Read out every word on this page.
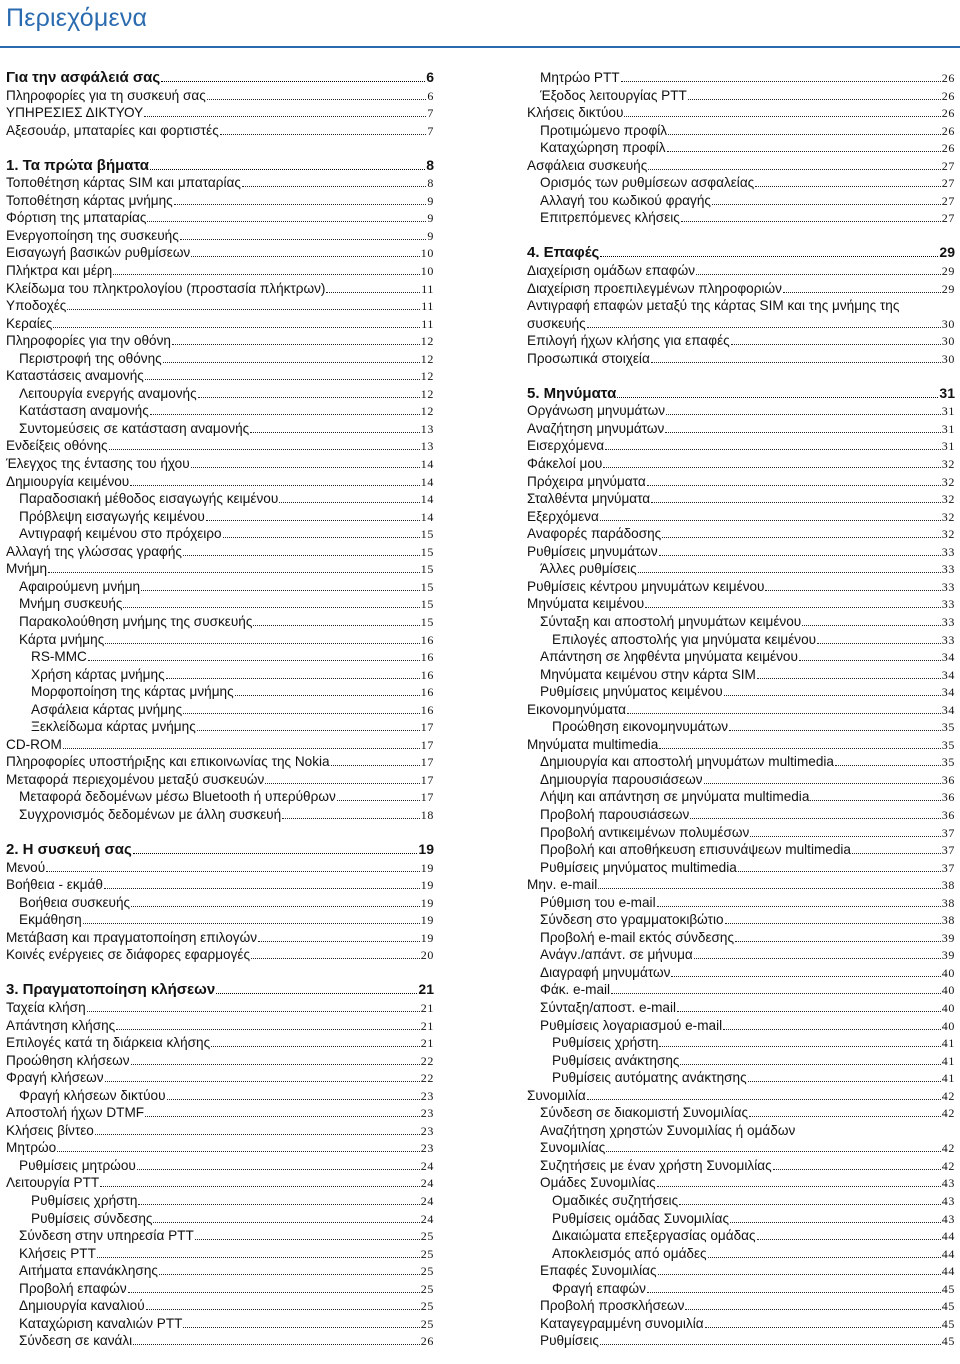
Περιεχόμενα
Για την ασφάλειά σας	6
Πληροφορίες για τη συσκευή σας	6
ΥΠΗΡΕΣΙΕΣ ΔΙΚΤΥΟΥ	7
Αξεσουάρ, μπαταρίες και φορτιστές	7
1. Τα πρώτα βήματα	8
Τοποθέτηση κάρτας SIM και μπαταρίας	8
Τοποθέτηση κάρτας μνήμης	9
Φόρτιση της μπαταρίας	9
Ενεργοποίηση της συσκευής	9
Εισαγωγή βασικών ρυθμίσεων	10
Πλήκτρα και μέρη	10
Κλείδωμα του πληκτρολογίου (προστασία πλήκτρων)	11
Υποδοχές	11
Κεραίες	11
Πληροφορίες για την οθόνη	12
Περιστροφή της οθόνης	12
Καταστάσεις αναμονής	12
Λειτουργία ενεργής αναμονής	12
Κατάσταση αναμονής	12
Συντομεύσεις σε κατάσταση αναμονής	13
Ενδείξεις οθόνης	13
Έλεγχος της έντασης του ήχου	14
Δημιουργία κειμένου	14
Παραδοσιακή μέθοδος εισαγωγής κειμένου	14
Πρόβλεψη εισαγωγής κειμένου	14
Αντιγραφή κειμένου στο πρόχειρο	15
Αλλαγή της γλώσσας γραφής	15
Μνήμη	15
Αφαιρούμενη μνήμη	15
Μνήμη συσκευής	15
Παρακολούθηση μνήμης της συσκευής	15
Κάρτα μνήμης	16
RS-MMC	16
Χρήση κάρτας μνήμης	16
Μορφοποίηση της κάρτας μνήμης	16
Ασφάλεια κάρτας μνήμης	16
Ξεκλείδωμα κάρτας μνήμης	17
CD-ROM	17
Πληροφορίες υποστήριξης και επικοινωνίας της Nokia	17
Μεταφορά περιεχομένου μεταξύ συσκευών	17
Μεταφορά δεδομένων μέσω Bluetooth ή υπερύθρων	17
Συγχρονισμός δεδομένων με άλλη συσκευή	18
2. Η συσκευή σας	19
Μενού	19
Βοήθεια - εκμάθ	19
Βοήθεια συσκευής	19
Εκμάθηση	19
Μετάβαση και πραγματοποίηση επιλογών	19
Κοινές ενέργειες σε διάφορες εφαρμογές	20
3. Πραγματοποίηση κλήσεων	21
Ταχεία κλήση	21
Απάντηση κλήσης	21
Επιλογές κατά τη διάρκεια κλήσης	21
Προώθηση κλήσεων	22
Φραγή κλήσεων	22
Φραγή κλήσεων δικτύου	23
Αποστολή ήχων DTMF	23
Κλήσεις βίντεο	23
Μητρώο	23
Ρυθμίσεις μητρώου	24
Λειτουργία PTT	24
Ρυθμίσεις χρήστη	24
Ρυθμίσεις σύνδεσης	24
Σύνδεση στην υπηρεσία PTT	25
Κλήσεις PTT	25
Αιτήματα επανάκλησης	25
Προβολή επαφών	25
Δημιουργία καναλιού	25
Καταχώριση καναλιών PTT	25
Σύνδεση σε κανάλι	26
Μητρώο PTT	26
Έξοδος λειτουργίας PTT	26
Κλήσεις δικτύου	26
Προτιμώμενο προφίλ	26
Καταχώρηση προφίλ	26
Ασφάλεια συσκευής	27
Ορισμός των ρυθμίσεων ασφαλείας	27
Αλλαγή του κωδικού φραγής	27
Επιτρεπόμενες κλήσεις	27
4. Επαφές	29
Διαχείριση ομάδων επαφών	29
Διαχείριση προεπιλεγμένων πληροφοριών	29
Αντιγραφή επαφών μεταξύ της κάρτας SIM και της μνήμης της
συσκευής	30
Επιλογή ήχων κλήσης για επαφές	30
Προσωπικά στοιχεία	30
5. Μηνύματα	31
Οργάνωση μηνυμάτων	31
Αναζήτηση μηνυμάτων	31
Εισερχόμενα	31
Φάκελοί μου	32
Πρόχειρα μηνύματα	32
Σταλθέντα μηνύματα	32
Εξερχόμενα	32
Αναφορές παράδοσης	32
Ρυθμίσεις μηνυμάτων	33
Άλλες ρυθμίσεις	33
Ρυθμίσεις κέντρου μηνυμάτων κειμένου	33
Μηνύματα κειμένου	33
Σύνταξη και αποστολή μηνυμάτων κειμένου	33
Επιλογές αποστολής για μηνύματα κειμένου	33
Απάντηση σε ληφθέντα μηνύματα κειμένου	34
Μηνύματα κειμένου στην κάρτα SIM	34
Ρυθμίσεις μηνύματος κειμένου	34
Εικονομηνύματα	34
Προώθηση εικονομηνυμάτων	35
Μηνύματα multimedia	35
Δημιουργία και αποστολή μηνυμάτων multimedia	35
Δημιουργία παρουσιάσεων	36
Λήψη και απάντηση σε μηνύματα multimedia	36
Προβολή παρουσιάσεων	36
Προβολή αντικειμένων πολυμέσων	37
Προβολή και αποθήκευση επισυνάψεων multimedia	37
Ρυθμίσεις μηνύματος multimedia	37
Μην. e-mail	38
Ρύθμιση του e-mail	38
Σύνδεση στο γραμματοκιβώτιο	38
Προβολή e-mail εκτός σύνδεσης	39
Ανάγν./απάντ. σε μήνυμα	39
Διαγραφή μηνυμάτων	40
Φάκ. e-mail	40
Σύνταξη/αποστ. e-mail	40
Ρυθμίσεις λογαριασμού e-mail	40
Ρυθμίσεις χρήστη	41
Ρυθμίσεις ανάκτησης	41
Ρυθμίσεις αυτόματης ανάκτησης	41
Συνομιλία	42
Σύνδεση σε διακομιστή Συνομιλίας	42
Αναζήτηση χρηστών Συνομιλίας ή ομάδων
Συνομιλίας	42
Συζητήσεις με έναν χρήστη Συνομιλίας	42
Ομάδες Συνομιλίας	43
Ομαδικές συζητήσεις	43
Ρυθμίσεις ομάδας Συνομιλίας	43
Δικαιώματα επεξεργασίας ομάδας	44
Αποκλεισμός από ομάδες	44
Επαφές Συνομιλίας	44
Φραγή επαφών	45
Προβολή προσκλήσεων	45
Καταγεγραμμένη συνομιλία	45
Ρυθμίσεις	45
